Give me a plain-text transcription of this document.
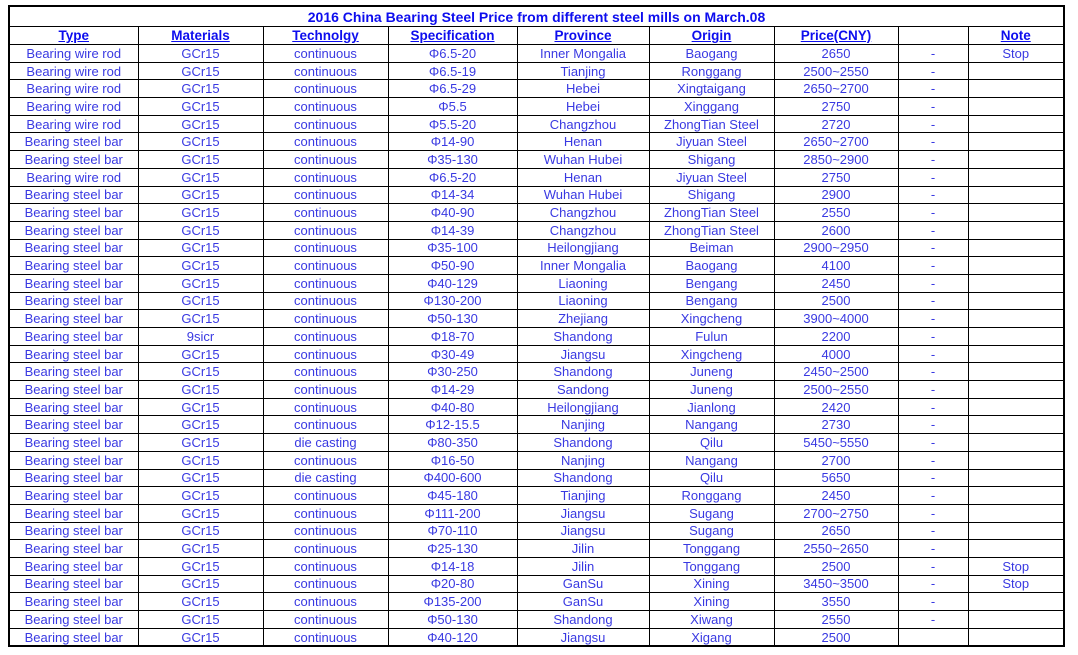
2016 China Bearing Steel Price from different steel mills on March.08								
Type	Materials	Technolgy	Specification	Province	Origin	Price(CNY)		Note
Bearing wire rod	GCr15	continuous	Φ6.5-20	Inner Mongalia	Baogang	2650	-	Stop
Bearing wire rod	GCr15	continuous	Φ6.5-19	Tianjing	Ronggang	2500~2550	-	
Bearing wire rod	GCr15	continuous	Φ6.5-29	Hebei	Xingtaigang	2650~2700	-	
Bearing wire rod	GCr15	continuous	Φ5.5	Hebei	Xinggang	2750	-	
Bearing wire rod	GCr15	continuous	Φ5.5-20	Changzhou	ZhongTian Steel	2720	-	
Bearing steel bar	GCr15	continuous	Φ14-90	Henan	Jiyuan Steel	2650~2700	-	
Bearing steel bar	GCr15	continuous	Φ35-130	Wuhan Hubei	Shigang	2850~2900	-	
Bearing wire rod	GCr15	continuous	Φ6.5-20	Henan	Jiyuan Steel	2750	-	
Bearing steel bar	GCr15	continuous	Φ14-34	Wuhan Hubei	Shigang	2900	-	
Bearing steel bar	GCr15	continuous	Φ40-90	Changzhou	ZhongTian Steel	2550	-	
Bearing steel bar	GCr15	continuous	Φ14-39	Changzhou	ZhongTian Steel	2600	-	
Bearing steel bar	GCr15	continuous	Φ35-100	Heilongjiang	Beiman	2900~2950	-	
Bearing steel bar	GCr15	continuous	Φ50-90	Inner Mongalia	Baogang	4100	-	
Bearing steel bar	GCr15	continuous	Φ40-129	Liaoning	Bengang	2450	-	
Bearing steel bar	GCr15	continuous	Φ130-200	Liaoning	Bengang	2500	-	
Bearing steel bar	GCr15	continuous	Φ50-130	Zhejiang	Xingcheng	3900~4000	-	
Bearing steel bar	9sicr	continuous	Φ18-70	Shandong	Fulun	2200	-	
Bearing steel bar	GCr15	continuous	Φ30-49	Jiangsu	Xingcheng	4000	-	
Bearing steel bar	GCr15	continuous	Φ30-250	Shandong	Juneng	2450~2500	-	
Bearing steel bar	GCr15	continuous	Φ14-29	Sandong	Juneng	2500~2550	-	
Bearing steel bar	GCr15	continuous	Φ40-80	Heilongjiang	Jianlong	2420	-	
Bearing steel bar	GCr15	continuous	Φ12-15.5	Nanjing	Nangang	2730	-	
Bearing steel bar	GCr15	die casting	Φ80-350	Shandong	Qilu	5450~5550	-	
Bearing steel bar	GCr15	continuous	Φ16-50	Nanjing	Nangang	2700	-	
Bearing steel bar	GCr15	die casting	Φ400-600	Shandong	Qilu	5650	-	
Bearing steel bar	GCr15	continuous	Φ45-180	Tianjing	Ronggang	2450	-	
Bearing steel bar	GCr15	continuous	Φ111-200	Jiangsu	Sugang	2700~2750	-	
Bearing steel bar	GCr15	continuous	Φ70-110	Jiangsu	Sugang	2650	-	
Bearing steel bar	GCr15	continuous	Φ25-130	Jilin	Tonggang	2550~2650	-	
Bearing steel bar	GCr15	continuous	Φ14-18	Jilin	Tonggang	2500	-	Stop
Bearing steel bar	GCr15	continuous	Φ20-80	GanSu	Xining	3450~3500	-	Stop
Bearing steel bar	GCr15	continuous	Φ135-200	GanSu	Xining	3550	-	
Bearing steel bar	GCr15	continuous	Φ50-130	Shandong	Xiwang	2550	-	
Bearing steel bar	GCr15	continuous	Φ40-120	Jiangsu	Xigang	2500		
